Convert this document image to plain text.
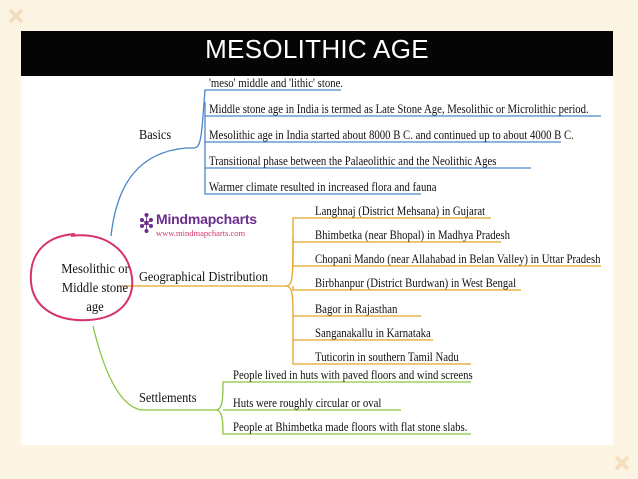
MESOLITHIC AGE
Mesolithic or
Middle stone age
Basics
Geographical Distribution
Settlements
'meso' middle and 'lithic' stone.
Middle stone age in India is termed as Late Stone Age, Mesolithic or Microlithic period.
Mesolithic age in India started about 8000 B C. and continued up to about 4000 B C.
Transitional phase between the Palaeolithic and the Neolithic Ages
Warmer climate resulted in increased flora and fauna
Langhnaj (District Mehsana) in Gujarat
Bhimbetka (near Bhopal) in Madhya Pradesh
Chopani Mando (near Allahabad in Belan Valley) in Uttar Pradesh
Birbhanpur (District Burdwan) in West Bengal
Bagor in Rajasthan
Sanganakallu in Karnataka
Tuticorin in southern Tamil Nadu
People lived in huts with paved floors and wind screens
Huts were roughly circular or oval
People at Bhimbetka made floors with flat stone slabs.
Mindmapcharts
www.mindmapcharts.com
